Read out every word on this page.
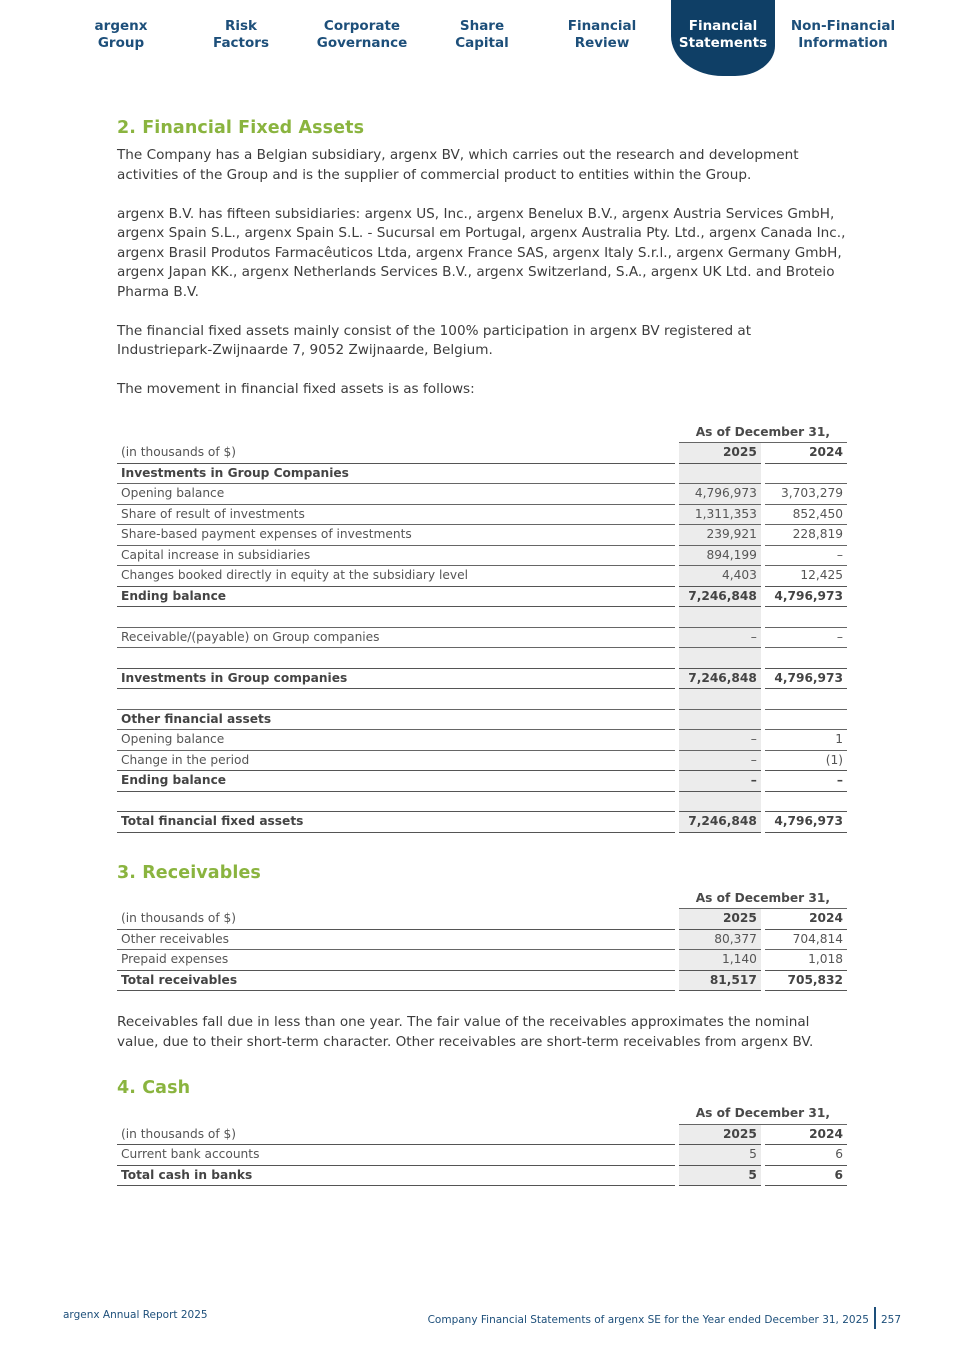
argenx
Group
Risk
Factors
Corporate
Governance
Share
Capital
Financial
Review
Financial
Statements
Non-Financial
Information
2. Financial Fixed Assets

The Company has a Belgian subsidiary, argenx BV, which carries out the research and development activities of the Group and is the supplier of commercial product to entities within the Group.

argenx B.V. has fifteen subsidiaries: argenx US, Inc., argenx Benelux B.V., argenx Austria Services GmbH, argenx Spain S.L., argenx Spain S.L. - Sucursal em Portugal, argenx Australia Pty. Ltd., argenx Canada Inc., argenx Brasil Produtos Farmacêuticos Ltda, argenx France SAS, argenx Italy S.r.l., argenx Germany GmbH, argenx Japan KK., argenx Netherlands Services B.V., argenx Switzerland, S.A., argenx UK Ltd. and Broteio Pharma B.V.

The financial fixed assets mainly consist of the 100% participation in argenx BV registered at Industriepark-Zwijnaarde 7, 9052 Zwijnaarde, Belgium.

The movement in financial fixed assets is as follows:

		As of December 31,		
(in thousands of $)		2025		2024
Investments in Group Companies				
Opening balance		4,796,973		3,703,279
Share of result of investments		1,311,353		852,450
Share-based payment expenses of investments		239,921		228,819
Capital increase in subsidiaries		894,199		–
Changes booked directly in equity at the subsidiary level		4,403		12,425
Ending balance		7,246,848		4,796,973

Receivable/(payable) on Group companies		–		–

Investments in Group companies		7,246,848		4,796,973

Other financial assets				
Opening balance		–		1
Change in the period		–		(1)
Ending balance		–		–

Total financial fixed assets		7,246,848		4,796,973
3. Receivables
		As of December 31,		
(in thousands of $)		2025		2024
Other receivables		80,377		704,814
Prepaid expenses		1,140		1,018
Total receivables		81,517		705,832

Receivables fall due in less than one year. The fair value of the receivables approximates the nominal value, due to their short-term character. Other receivables are short-term receivables from argenx BV.

4. Cash
		As of December 31,		
(in thousands of $)		2025		2024
Current bank accounts		5		6
Total cash in banks		5		6
argenx Annual Report 2025	Company Financial Statements of argenx SE for the Year ended December 31, 2025 257
